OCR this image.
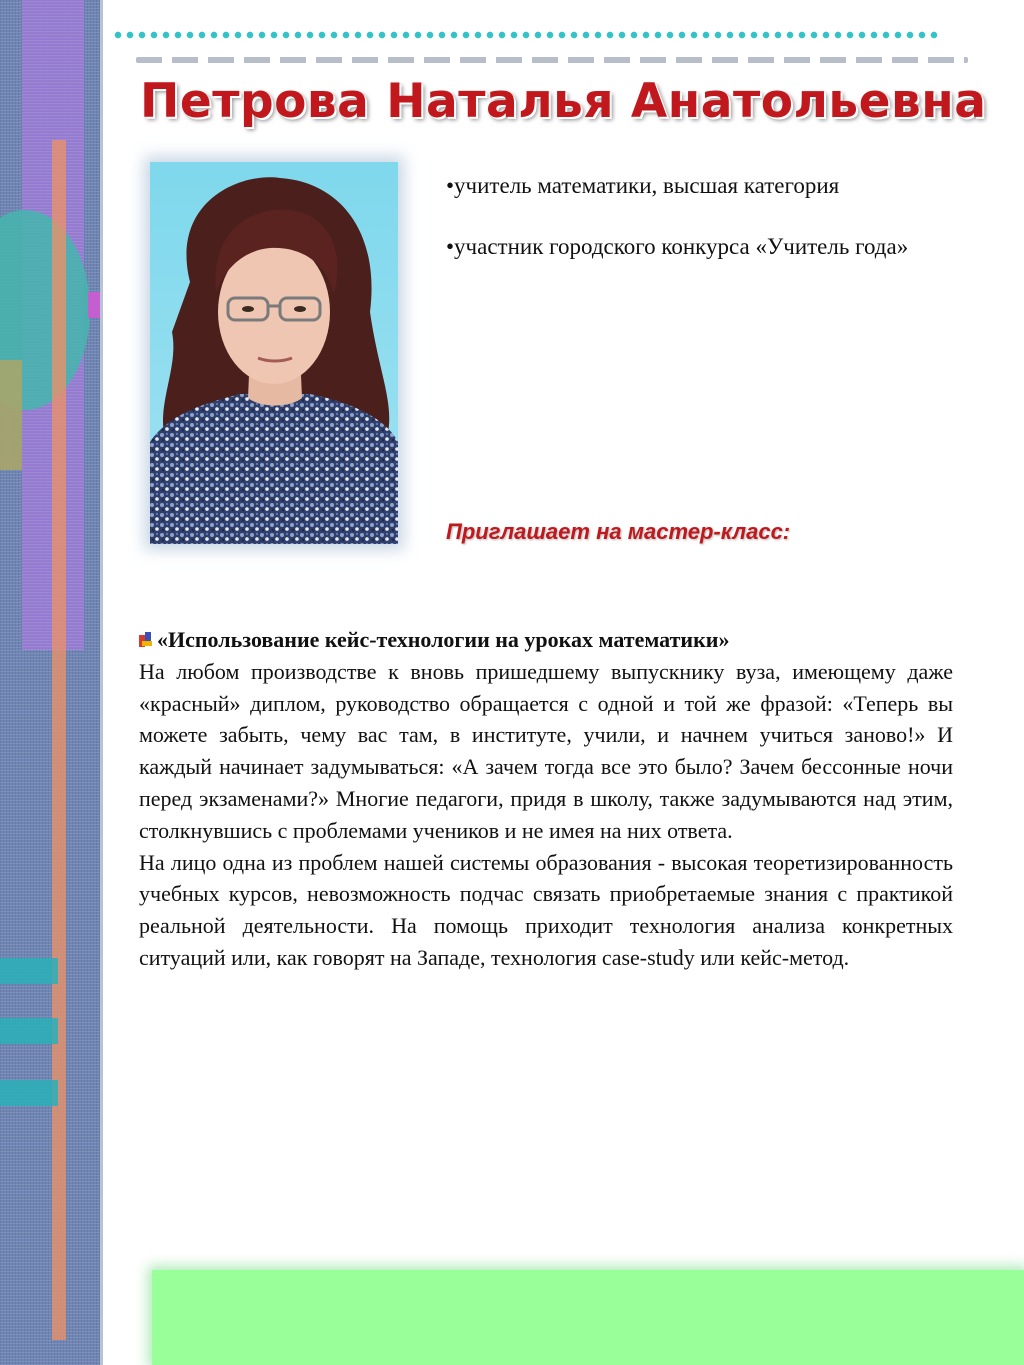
Петрова Наталья Анатольевна

•учитель математики, высшая категория

•участник городского конкурса «Учитель года»

Приглашает на мастер-класс:

«Использование кейс-технологии на уроках математики»

На любом производстве к вновь пришедшему выпускнику вуза, имеющему даже «красный» диплом, руководство обращается с одной и той же фразой: «Теперь вы можете забыть, чему вас там, в институте, учили, и начнем учиться заново!» И каждый начинает задумываться: «А зачем тогда все это было? Зачем бессонные ночи перед экзаменами?» Многие педагоги, придя в школу, также задумываются над этим, столкнувшись с проблемами учеников и не имея на них ответа.

На лицо одна из проблем нашей системы образования - высокая теоретизированность учебных курсов, невозможность подчас связать приобретаемые знания с практикой реальной деятельности. На помощь приходит технология анализа конкретных ситуаций или, как говорят на Западе, технология case-study или кейс-метод.
